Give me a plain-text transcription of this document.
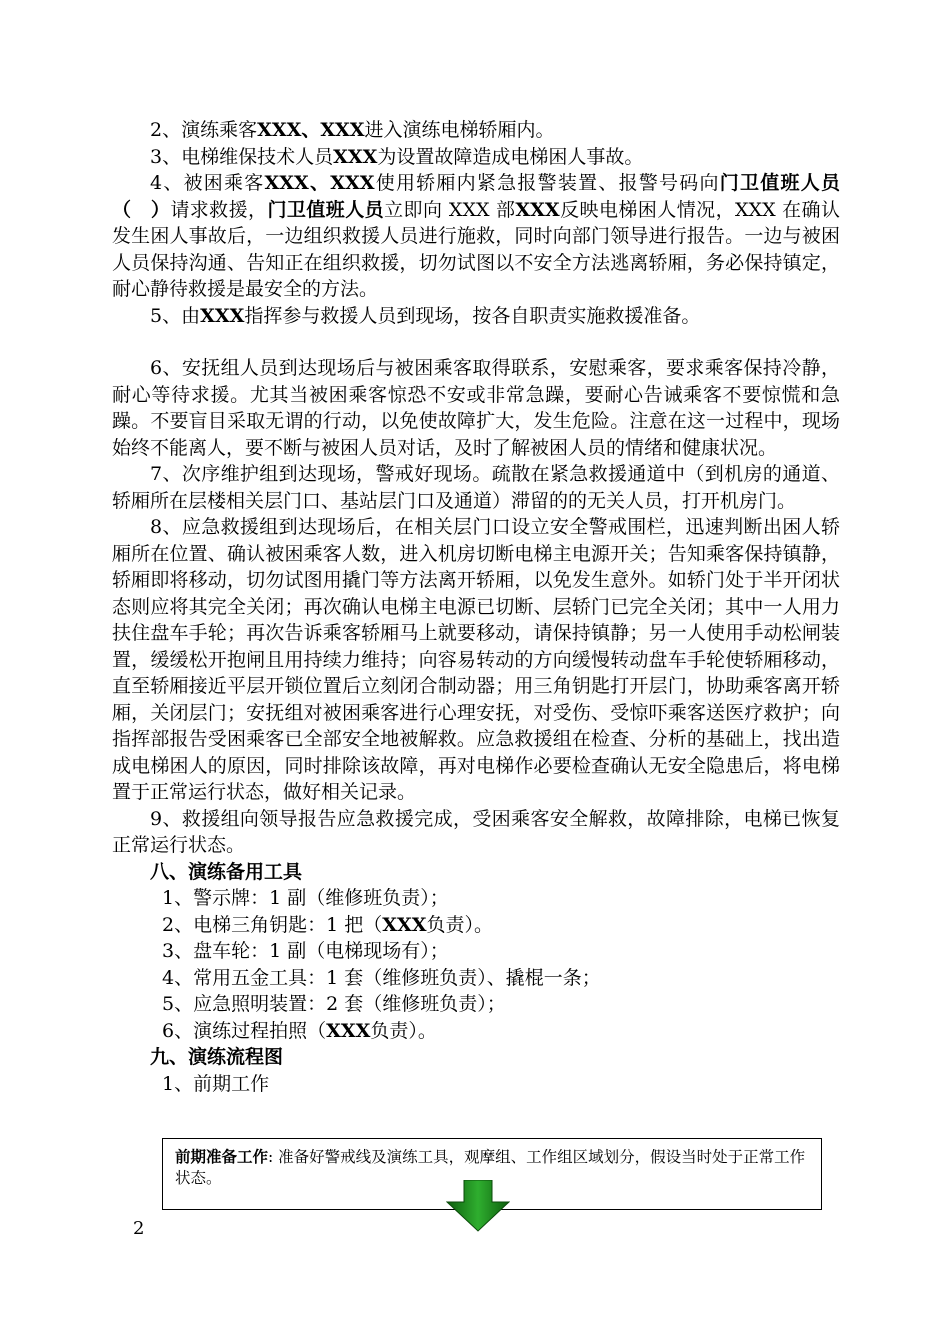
2、演练乘客XXX、XXX进入演练电梯轿厢内。

3、电梯维保技术人员XXX为设置故障造成电梯困人事故。

4、被困乘客XXX、XXX使用轿厢内紧急报警装置、报警号码向门卫值班人员（　）请求救援，门卫值班人员立即向 XXX 部XXX反映电梯困人情况，XXX 在确认发生困人事故后，一边组织救援人员进行施救，同时向部门领导进行报告。一边与被困人员保持沟通、告知正在组织救援，切勿试图以不安全方法逃离轿厢，务必保持镇定，耐心静待救援是最安全的方法。

5、由XXX指挥参与救援人员到现场，按各自职责实施救援准备。

6、安抚组人员到达现场后与被困乘客取得联系，安慰乘客，要求乘客保持冷静，耐心等待求援。尤其当被困乘客惊恐不安或非常急躁，要耐心告诫乘客不要惊慌和急躁。不要盲目采取无谓的行动，以免使故障扩大，发生危险。注意在这一过程中，现场始终不能离人，要不断与被困人员对话，及时了解被困人员的情绪和健康状况。

7、次序维护组到达现场，警戒好现场。疏散在紧急救援通道中（到机房的通道、轿厢所在层楼相关层门口、基站层门口及通道）滞留的的无关人员，打开机房门。

8、应急救援组到达现场后，在相关层门口设立安全警戒围栏，迅速判断出困人轿厢所在位置、确认被困乘客人数，进入机房切断电梯主电源开关；告知乘客保持镇静，轿厢即将移动，切勿试图用撬门等方法离开轿厢，以免发生意外。如轿门处于半开闭状态则应将其完全关闭；再次确认电梯主电源已切断、层轿门已完全关闭；其中一人用力扶住盘车手轮；再次告诉乘客轿厢马上就要移动，请保持镇静；另一人使用手动松闸装置，缓缓松开抱闸且用持续力维持；向容易转动的方向缓慢转动盘车手轮使轿厢移动，直至轿厢接近平层开锁位置后立刻闭合制动器；用三角钥匙打开层门，协助乘客离开轿厢，关闭层门；安抚组对被困乘客进行心理安抚，对受伤、受惊吓乘客送医疗救护；向指挥部报告受困乘客已全部安全地被解救。应急救援组在检查、分析的基础上，找出造成电梯困人的原因，同时排除该故障，再对电梯作必要检查确认无安全隐患后，将电梯置于正常运行状态，做好相关记录。

9、救援组向领导报告应急救援完成，受困乘客安全解救，故障排除，电梯已恢复正常运行状态。

八、演练备用工具

1、警示牌：1 副（维修班负责）；

2、电梯三角钥匙：1 把（XXX负责）。

3、盘车轮：1 副（电梯现场有）；

4、常用五金工具：1 套（维修班负责）、撬棍一条；

5、应急照明装置：2 套（维修班负责）；

6、演练过程拍照（XXX负责）。

九、演练流程图

1、前期工作

前期准备工作: 准备好警戒线及演练工具，观摩组、工作组区域划分，假设当时处于正常工作状态。
2
